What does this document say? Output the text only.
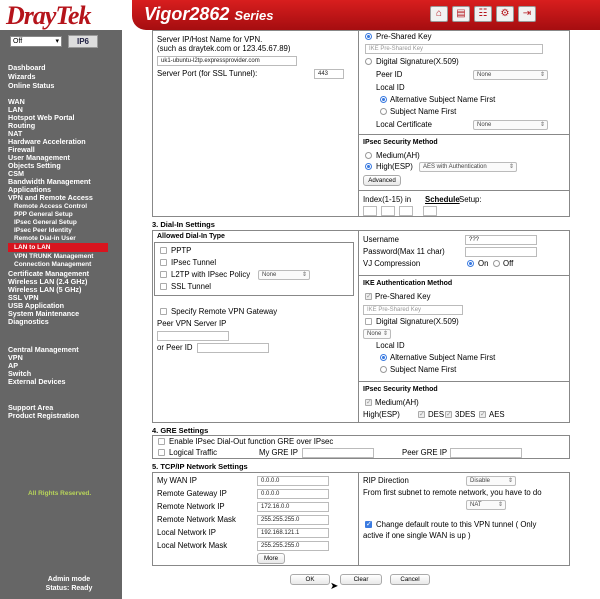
DrayTek	Vigor2862 Series	⌂	▤	☷	⚙	⇥
Off ▾	IP6
Dashboard
Wizards
Online Status
WAN
LAN
Hotspot Web Portal
Routing
NAT
Hardware Acceleration
Firewall
User Management
Objects Setting
CSM
Bandwidth Management
Applications
VPN and Remote Access
Remote Access Control
PPP General Setup
IPsec General Setup
IPsec Peer Identity
Remote Dial-in User
LAN to LAN
VPN TRUNK Management
Connection Management
Certificate Management
Wireless LAN (2.4 GHz)
Wireless LAN (5 GHz)
SSL VPN
USB Application
System Maintenance
Diagnostics
Central Management
VPN
AP
Switch
External Devices
Support Area
Product Registration
All Rights Reserved.
Admin mode
Status: Ready
Server IP/Host Name for VPN.
(such as draytek.com or 123.45.67.89)
uk1-ubuntu-l2tp.expressprovider.com
Server Port (for SSL Tunnel):	443
Pre-Shared Key
IKE Pre-Shared Key
Digital Signature(X.509)
Peer ID	None ⇕
Local ID
Alternative Subject Name First
Subject Name First
Local Certificate	None ⇕
IPsec Security Method
Medium(AH)
High(ESP)	AES with Authentication ⇕
Advanced
Index(1-15) in Schedule Setup:
3. Dial-In Settings
Allowed Dial-In Type
PPTP
IPsec Tunnel
L2TP with IPsec Policy	None ⇕
SSL Tunnel
Specify Remote VPN Gateway
Peer VPN Server IP
or Peer ID
Username	???
Password(Max 11 char)
VJ Compression	On Off
IKE Authentication Method
✓
Pre-Shared Key
IKE Pre-Shared Key
Digital Signature(X.509)
None ⇕
Local ID
Alternative Subject Name First
Subject Name First
IPsec Security Method
✓
Medium(AH)
High(ESP) ✓	DES ✓ 3DES ✓ AES
4. GRE Settings
Enable IPsec Dial-Out function GRE over IPsec
Logical Traffic	My GRE IP	Peer GRE IP
5. TCP/IP Network Settings
My WAN IP	0.0.0.0
Remote Gateway IP	0.0.0.0
Remote Network IP	172.16.0.0
Remote Network Mask	255.255.255.0
Local Network IP	192.168.121.1
Local Network Mask	255.255.255.0
More
RIP Direction	Disable ⇕
From first subnet to remote network, you have to do
NAT ⇕
✓
Change default route to this VPN tunnel ( Only
active if one single WAN is up )
OK	Clear	Cancel
➤
